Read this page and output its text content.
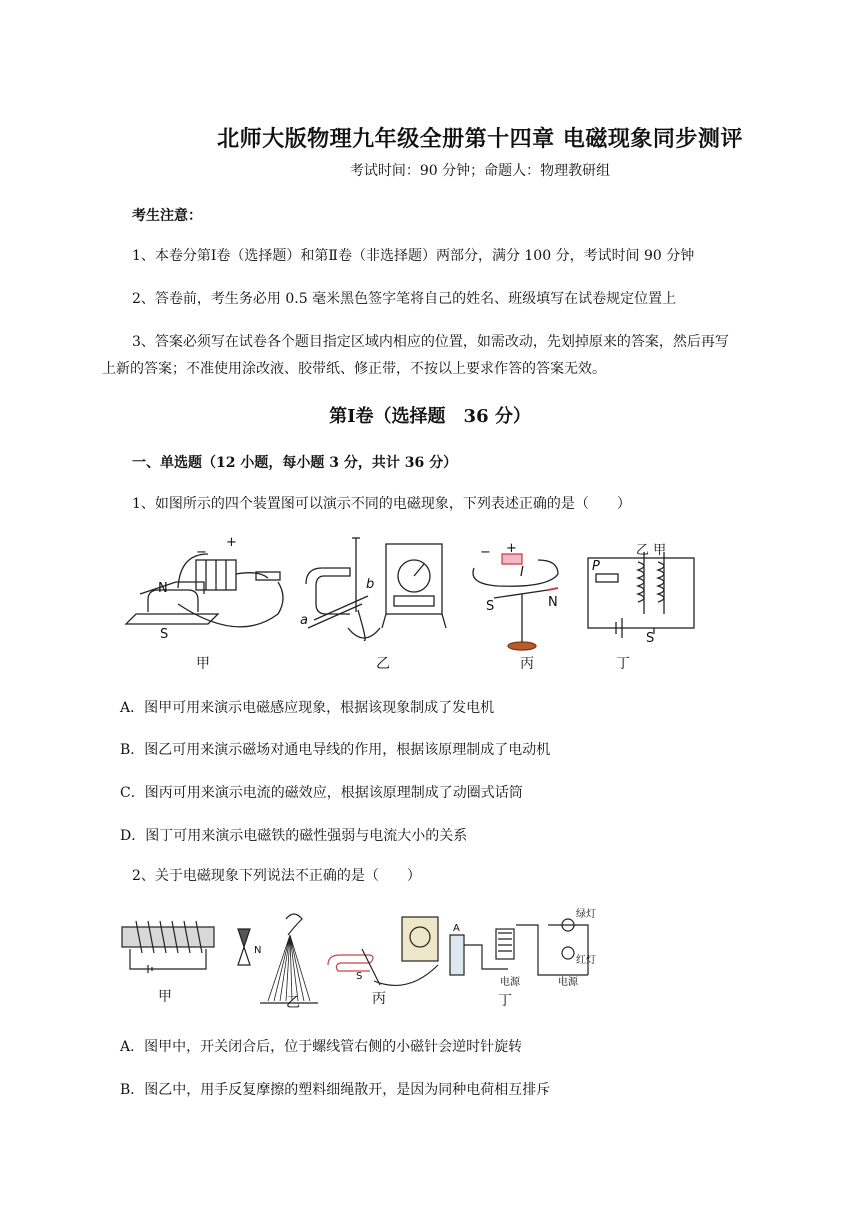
北师大版物理九年级全册第十四章 电磁现象同步测评
考试时间：90 分钟；命题人：物理教研组
考生注意：
1、本卷分第Ⅰ卷（选择题）和第Ⅱ卷（非选择题）两部分，满分 100 分，考试时间 90 分钟
2、答卷前，考生务必用 0.5 毫米黑色签字笔将自己的姓名、班级填写在试卷规定位置上
3、答案必须写在试卷各个题目指定区域内相应的位置，如需改动，先划掉原来的答案，然后再写
上新的答案；不准使用涂改液、胶带纸、修正带，不按以上要求作答的答案无效。
第Ⅰ卷（选择题　36 分）
一、单选题（12 小题，每小题 3 分，共计 36 分）
1、如图所示的四个装置图可以演示不同的电磁现象，下列表述正确的是（　　）
N
S
−
+
a
b
− +
I
S	N
P
乙 甲
S
甲	乙	丙	丁
A．图甲可用来演示电磁感应现象，根据该现象制成了发电机
B．图乙可用来演示磁场对通电导线的作用，根据该原理制成了电动机
C．图丙可用来演示电流的磁效应，根据该原理制成了动圈式话筒
D．图丁可用来演示电磁铁的磁性强弱与电流大小的关系
2、关于电磁现象下列说法不正确的是（　　）
N
S
A
电源	电源
绿灯
红灯
甲	乙	丙	丁
A．图甲中，开关闭合后，位于螺线管右侧的小磁针会逆时针旋转
B．图乙中，用手反复摩擦的塑料细绳散开，是因为同种电荷相互排斥
